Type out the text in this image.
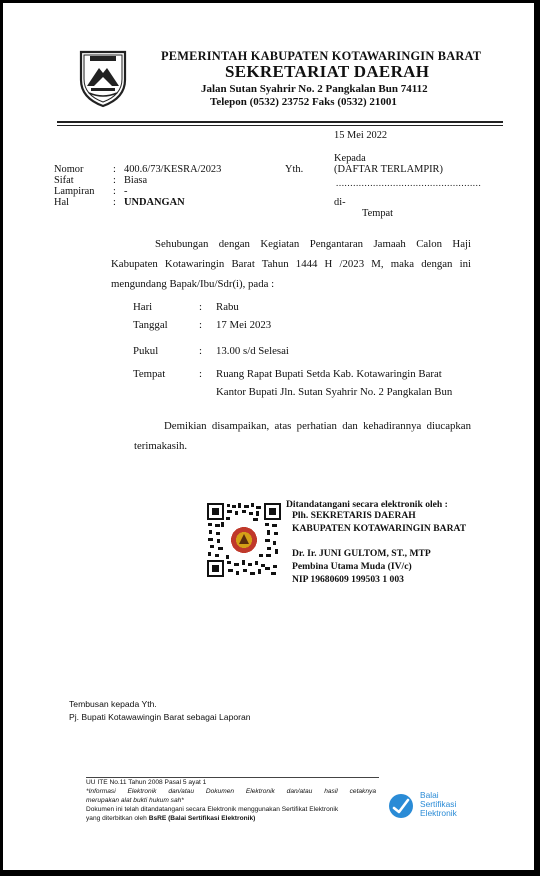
PEMERINTAH KABUPATEN KOTAWARINGIN BARAT
SEKRETARIAT DAERAH
Jalan Sutan Syahrir No. 2 Pangkalan Bun 74112
Telepon (0532) 23752 Faks (0532) 21001
15 Mei 2022
Nomor	: 400.6/73/KESRA/2023
Sifat	: Biasa
Lampiran : -
Hal	: UNDANGAN
Kepada
Yth.	(DAFTAR TERLAMPIR)
...................................................
di-
Tempat
Sehubungan dengan Kegiatan Pengantaran Jamaah Calon Haji Kabupaten Kotawaringin Barat Tahun 1444 H /2023 M, maka dengan ini mengundang Bapak/Ibu/Sdr(i), pada :
Hari	: Rabu
Tanggal	: 17 Mei 2023
Pukul	: 13.00 s/d Selesai
Tempat	: Ruang Rapat Bupati Setda Kab. Kotawaringin Barat
Kantor Bupati Jln. Sutan Syahrir No. 2 Pangkalan Bun
Demikian disampaikan, atas perhatian dan kehadirannya diucapkan terimakasih.
Ditandatangani secara elektronik oleh :
Plh. SEKRETARIS DAERAH
KABUPATEN KOTAWARINGIN BARAT
Dr. Ir. JUNI GULTOM, ST., MTP
Pembina Utama Muda (IV/c)
NIP 19680609 199503 1 003
Tembusan kepada Yth.
Pj. Bupati Kotawawingin Barat sebagai Laporan
UU ITE No.11 Tahun 2008 Pasal 5 ayat 1
*Informasi Elektronik dan/atau Dokumen Elektronik dan/atau hasil cetaknya
merupakan alat bukti hukum sah*
Dokumen ini telah ditandatangani secara Elektronik menggunakan Sertifikat Elektronik
yang diterbitkan oleh BsRE (Balai Sertifikasi Elektronik)
Balai
Sertifikasi
Elektronik
